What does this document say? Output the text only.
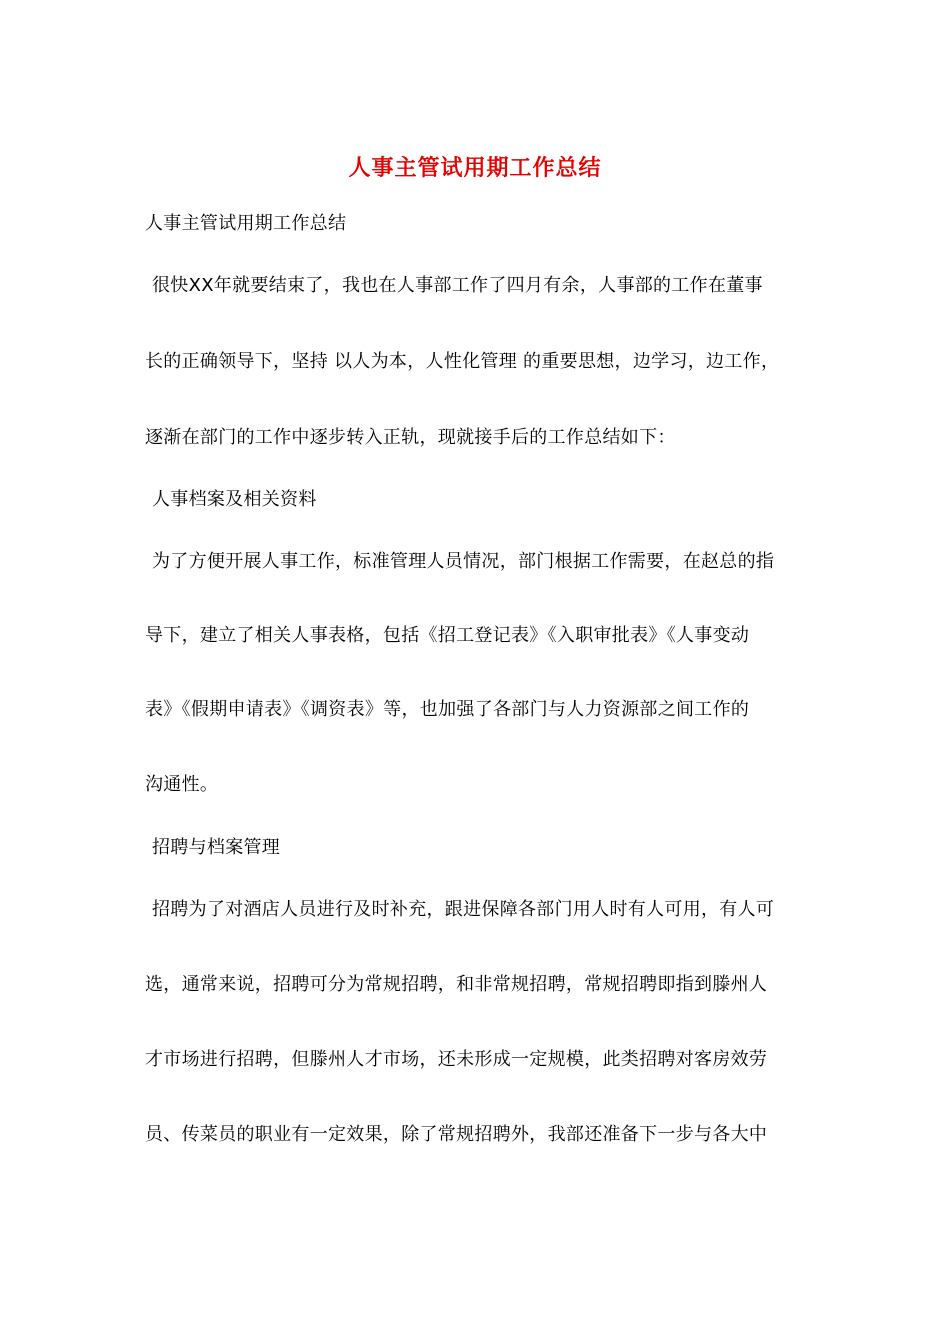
人事主管试用期工作总结
人事主管试用期工作总结
很快XX年就要结束了，我也在人事部工作了四月有余，人事部的工作在董事
长的正确领导下，坚持 以人为本，人性化管理 的重要思想，边学习，边工作，
逐渐在部门的工作中逐步转入正轨，现就接手后的工作总结如下：
人事档案及相关资料
为了方便开展人事工作，标准管理人员情况，部门根据工作需要，在赵总的指
导下，建立了相关人事表格，包括《招工登记表》《入职审批表》《人事变动
表》《假期申请表》《调资表》等，也加强了各部门与人力资源部之间工作的
沟通性。
招聘与档案管理
招聘为了对酒店人员进行及时补充，跟进保障各部门用人时有人可用，有人可
选，通常来说，招聘可分为常规招聘，和非常规招聘，常规招聘即指到滕州人
才市场进行招聘，但滕州人才市场，还未形成一定规模，此类招聘对客房效劳
员、传菜员的职业有一定效果，除了常规招聘外，我部还准备下一步与各大中
